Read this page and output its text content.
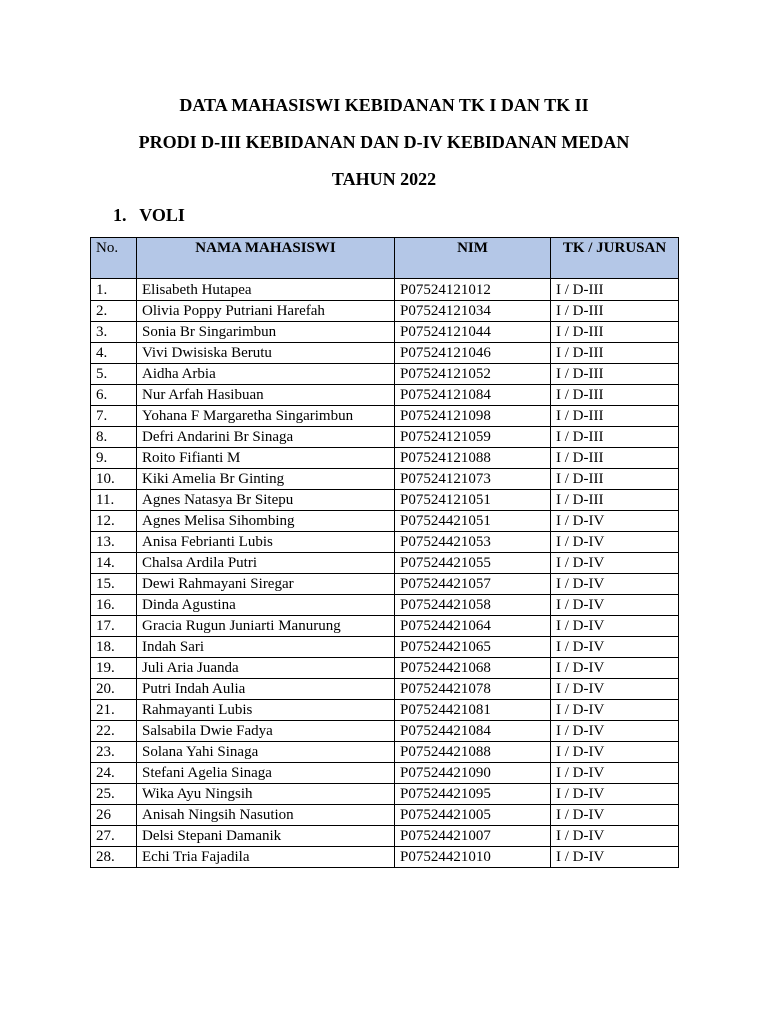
DATA MAHASISWI KEBIDANAN TK I DAN TK II
PRODI D-III KEBIDANAN DAN D-IV KEBIDANAN MEDAN
TAHUN 2022
1. VOLI
No.	NAMA MAHASISWI	NIM	TK / JURUSAN
1.	Elisabeth Hutapea	P07524121012	I / D-III
2.	Olivia Poppy Putriani Harefah	P07524121034	I / D-III
3.	Sonia Br Singarimbun	P07524121044	I / D-III
4.	Vivi Dwisiska Berutu	P07524121046	I / D-III
5.	Aidha Arbia	P07524121052	I / D-III
6.	Nur Arfah Hasibuan	P07524121084	I / D-III
7.	Yohana F Margaretha Singarimbun	P07524121098	I / D-III
8.	Defri Andarini Br Sinaga	P07524121059	I / D-III
9.	Roito Fifianti M	P07524121088	I / D-III
10.	Kiki Amelia Br Ginting	P07524121073	I / D-III
11.	Agnes Natasya Br Sitepu	P07524121051	I / D-III
12.	Agnes Melisa Sihombing	P07524421051	I / D-IV
13.	Anisa Febrianti Lubis	P07524421053	I / D-IV
14.	Chalsa Ardila Putri	P07524421055	I / D-IV
15.	Dewi Rahmayani Siregar	P07524421057	I / D-IV
16.	Dinda Agustina	P07524421058	I / D-IV
17.	Gracia Rugun Juniarti Manurung	P07524421064	I / D-IV
18.	Indah Sari	P07524421065	I / D-IV
19.	Juli Aria Juanda	P07524421068	I / D-IV
20.	Putri Indah Aulia	P07524421078	I / D-IV
21.	Rahmayanti Lubis	P07524421081	I / D-IV
22.	Salsabila Dwie Fadya	P07524421084	I / D-IV
23.	Solana Yahi Sinaga	P07524421088	I / D-IV
24.	Stefani Agelia Sinaga	P07524421090	I / D-IV
25.	Wika Ayu Ningsih	P07524421095	I / D-IV
26	Anisah Ningsih Nasution	P07524421005	I / D-IV
27.	Delsi Stepani Damanik	P07524421007	I / D-IV
28.	Echi Tria Fajadila	P07524421010	I / D-IV
